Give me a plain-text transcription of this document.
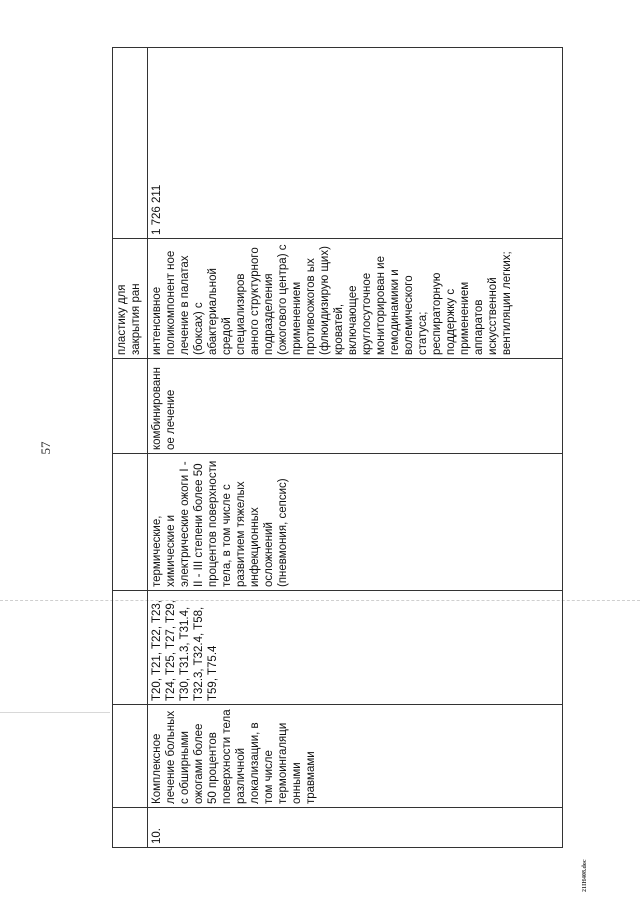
57
					пластику для закрытия ран	
10.	Комплексное лечение больных с обширными ожогами более 50 процентов поверхности тела различной локализации, в том числе термоингаляци онными травмами	T20, T21, T22, T23, T24, T25, T27, T29, T30, T31.3, T31.4, T32.3, T32.4, T58, T59, T75.4	термические, химические и электрические ожоги I - II - III степени более 50 процентов поверхности тела, в том числе с развитием тяжелых инфекционных осложнений (пневмония, сепсис)	комбинированн ое лечение	интенсивное поликомпонент ное лечение в палатах (боксах) с абактериальной средой специализиров анного структурного подразделения (ожогового центра) с применением противоожогов ых (флюидизирую щих) кроватей, включающее круглосуточное мониторирован ие гемодинамики и волемического статуса; респираторную поддержку с применением аппаратов искусственной вентиляции легких;	1 726 211
21IH408.doc
